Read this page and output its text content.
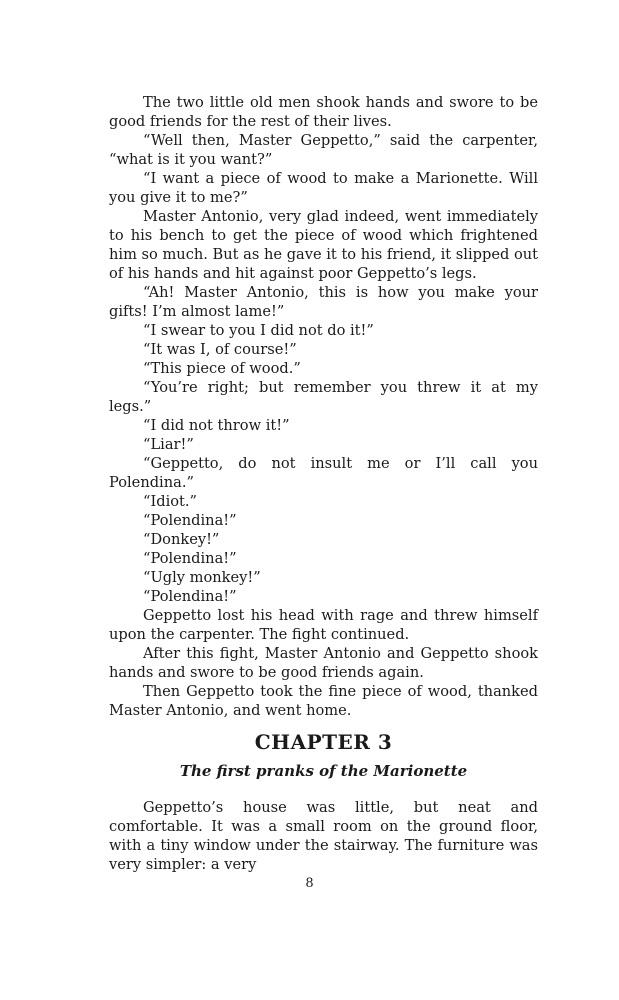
The two little old men shook hands and swore to be good friends for the rest of their lives.

“Well then, Master Geppetto,” said the carpenter, “what is it you want?”

“I want a piece of wood to make a Marionette. Will you give it to me?”

Master Antonio, very glad indeed, went immediately to his bench to get the piece of wood which frightened him so much. But as he gave it to his friend, it slipped out of his hands and hit against poor Geppetto’s legs.

“Ah! Master Antonio, this is how you make your gifts! I’m almost lame!”

“I swear to you I did not do it!”

“It was I, of course!”

“This piece of wood.”

“You’re right; but remember you threw it at my legs.”

“I did not throw it!”

“Liar!”

“Geppetto, do not insult me or I’ll call you Polendina.”

“Idiot.”

“Polendina!”

“Donkey!”

“Polendina!”

“Ugly monkey!”

“Polendina!”

Geppetto lost his head with rage and threw himself upon the carpenter. The fight continued.

After this fight, Master Antonio and Geppetto shook hands and swore to be good friends again.

Then Geppetto took the fine piece of wood, thanked Master Antonio, and went home.

CHAPTER 3
The first pranks of the Marionette

Geppetto’s house was little, but neat and comfortable. It was a small room on the ground floor, with a tiny window under the stairway. The furniture was very simpler: a very

8
